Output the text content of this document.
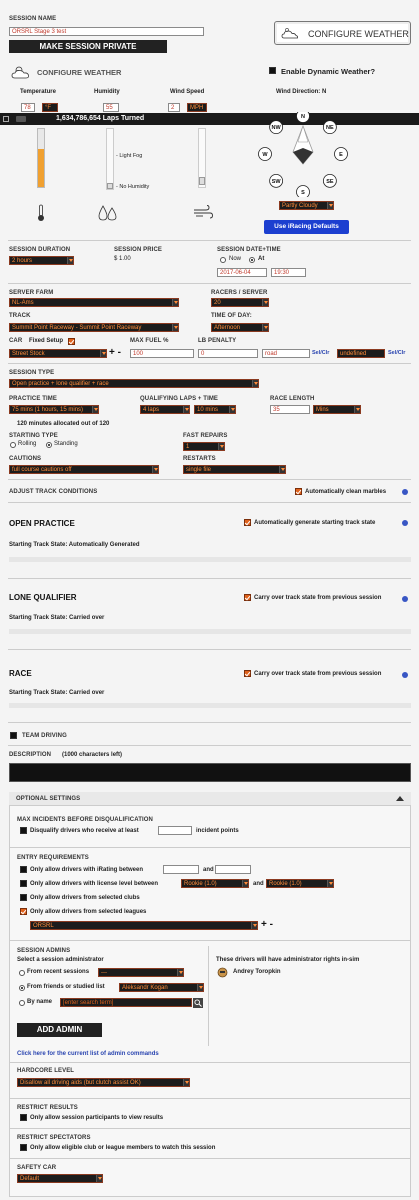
SESSION NAME
ORSRL Stage 3 test
MAKE SESSION PRIVATE
CONFIGURE WEATHER
CONFIGURE WEATHER	Enable Dynamic Weather?
Temperature	Humidity	Wind Speed	Wind Direction: N
78	°F	55	2	MPH
1,634,786,654 Laps Turned
- Light Fog
- No Humidity
N
NE
E
SE
S
SW
W
NW
Partly Cloudy
Use iRacing Defaults
SESSION DURATION
2 hours
SESSION PRICE
$ 1.00
SESSION DATE+TIME
Now	At
2017-06-04	19:30
SERVER FARM
NL-Ams
RACERS / SERVER
20
TRACK
Summit Point Raceway - Summit Point Raceway
TIME OF DAY:
Afternoon
CAR Fixed Setup	MAX FUEL %	LB PENALTY
Street Stock	+ -	100	0	road	Sel/Clr	undefined	Sel/Clr
SESSION TYPE
Open practice + lone qualifier + race
PRACTICE TIME
75 mins (1 hours, 15 mins)
QUALIFYING LAPS + TIME
4 laps	10 mins
RACE LENGTH
35	Mins
120 minutes allocated out of 120
STARTING TYPE
Rolling	Standing
FAST REPAIRS
1
CAUTIONS
full course cautions off
RESTARTS
single file
ADJUST TRACK CONDITIONS	Automatically clean marbles
OPEN PRACTICE	Automatically generate starting track state
Starting Track State: Automatically Generated
LONE QUALIFIER	Carry over track state from previous session
Starting Track State: Carried over
RACE	Carry over track state from previous session
Starting Track State: Carried over
TEAM DRIVING
DESCRIPTION (1000 characters left)
OPTIONAL SETTINGS
MAX INCIDENTS BEFORE DISQUALIFICATION
Disqualify drivers who receive at least	incident points
ENTRY REQUIREMENTS
Only allow drivers with iRating between	and
Only allow drivers with license level between	Rookie (1.0)	and Rookie (1.0)
Only allow drivers from selected clubs
Only allow drivers from selected leagues
ORSRL	+ -
SESSION ADMINS
Select a session administrator	These drivers will have administrator rights in-sim
Andrey Toropkin
From recent sessions	---
From friends or studied list	Aleksandr Kogan
By name	[enter search term]
ADD ADMIN
Click here for the current list of admin commands
HARDCORE LEVEL
Disallow all driving aids (but clutch assist OK)
RESTRICT RESULTS
Only allow session participants to view results
RESTRICT SPECTATORS
Only allow eligible club or league members to watch this session
SAFETY CAR
Default
